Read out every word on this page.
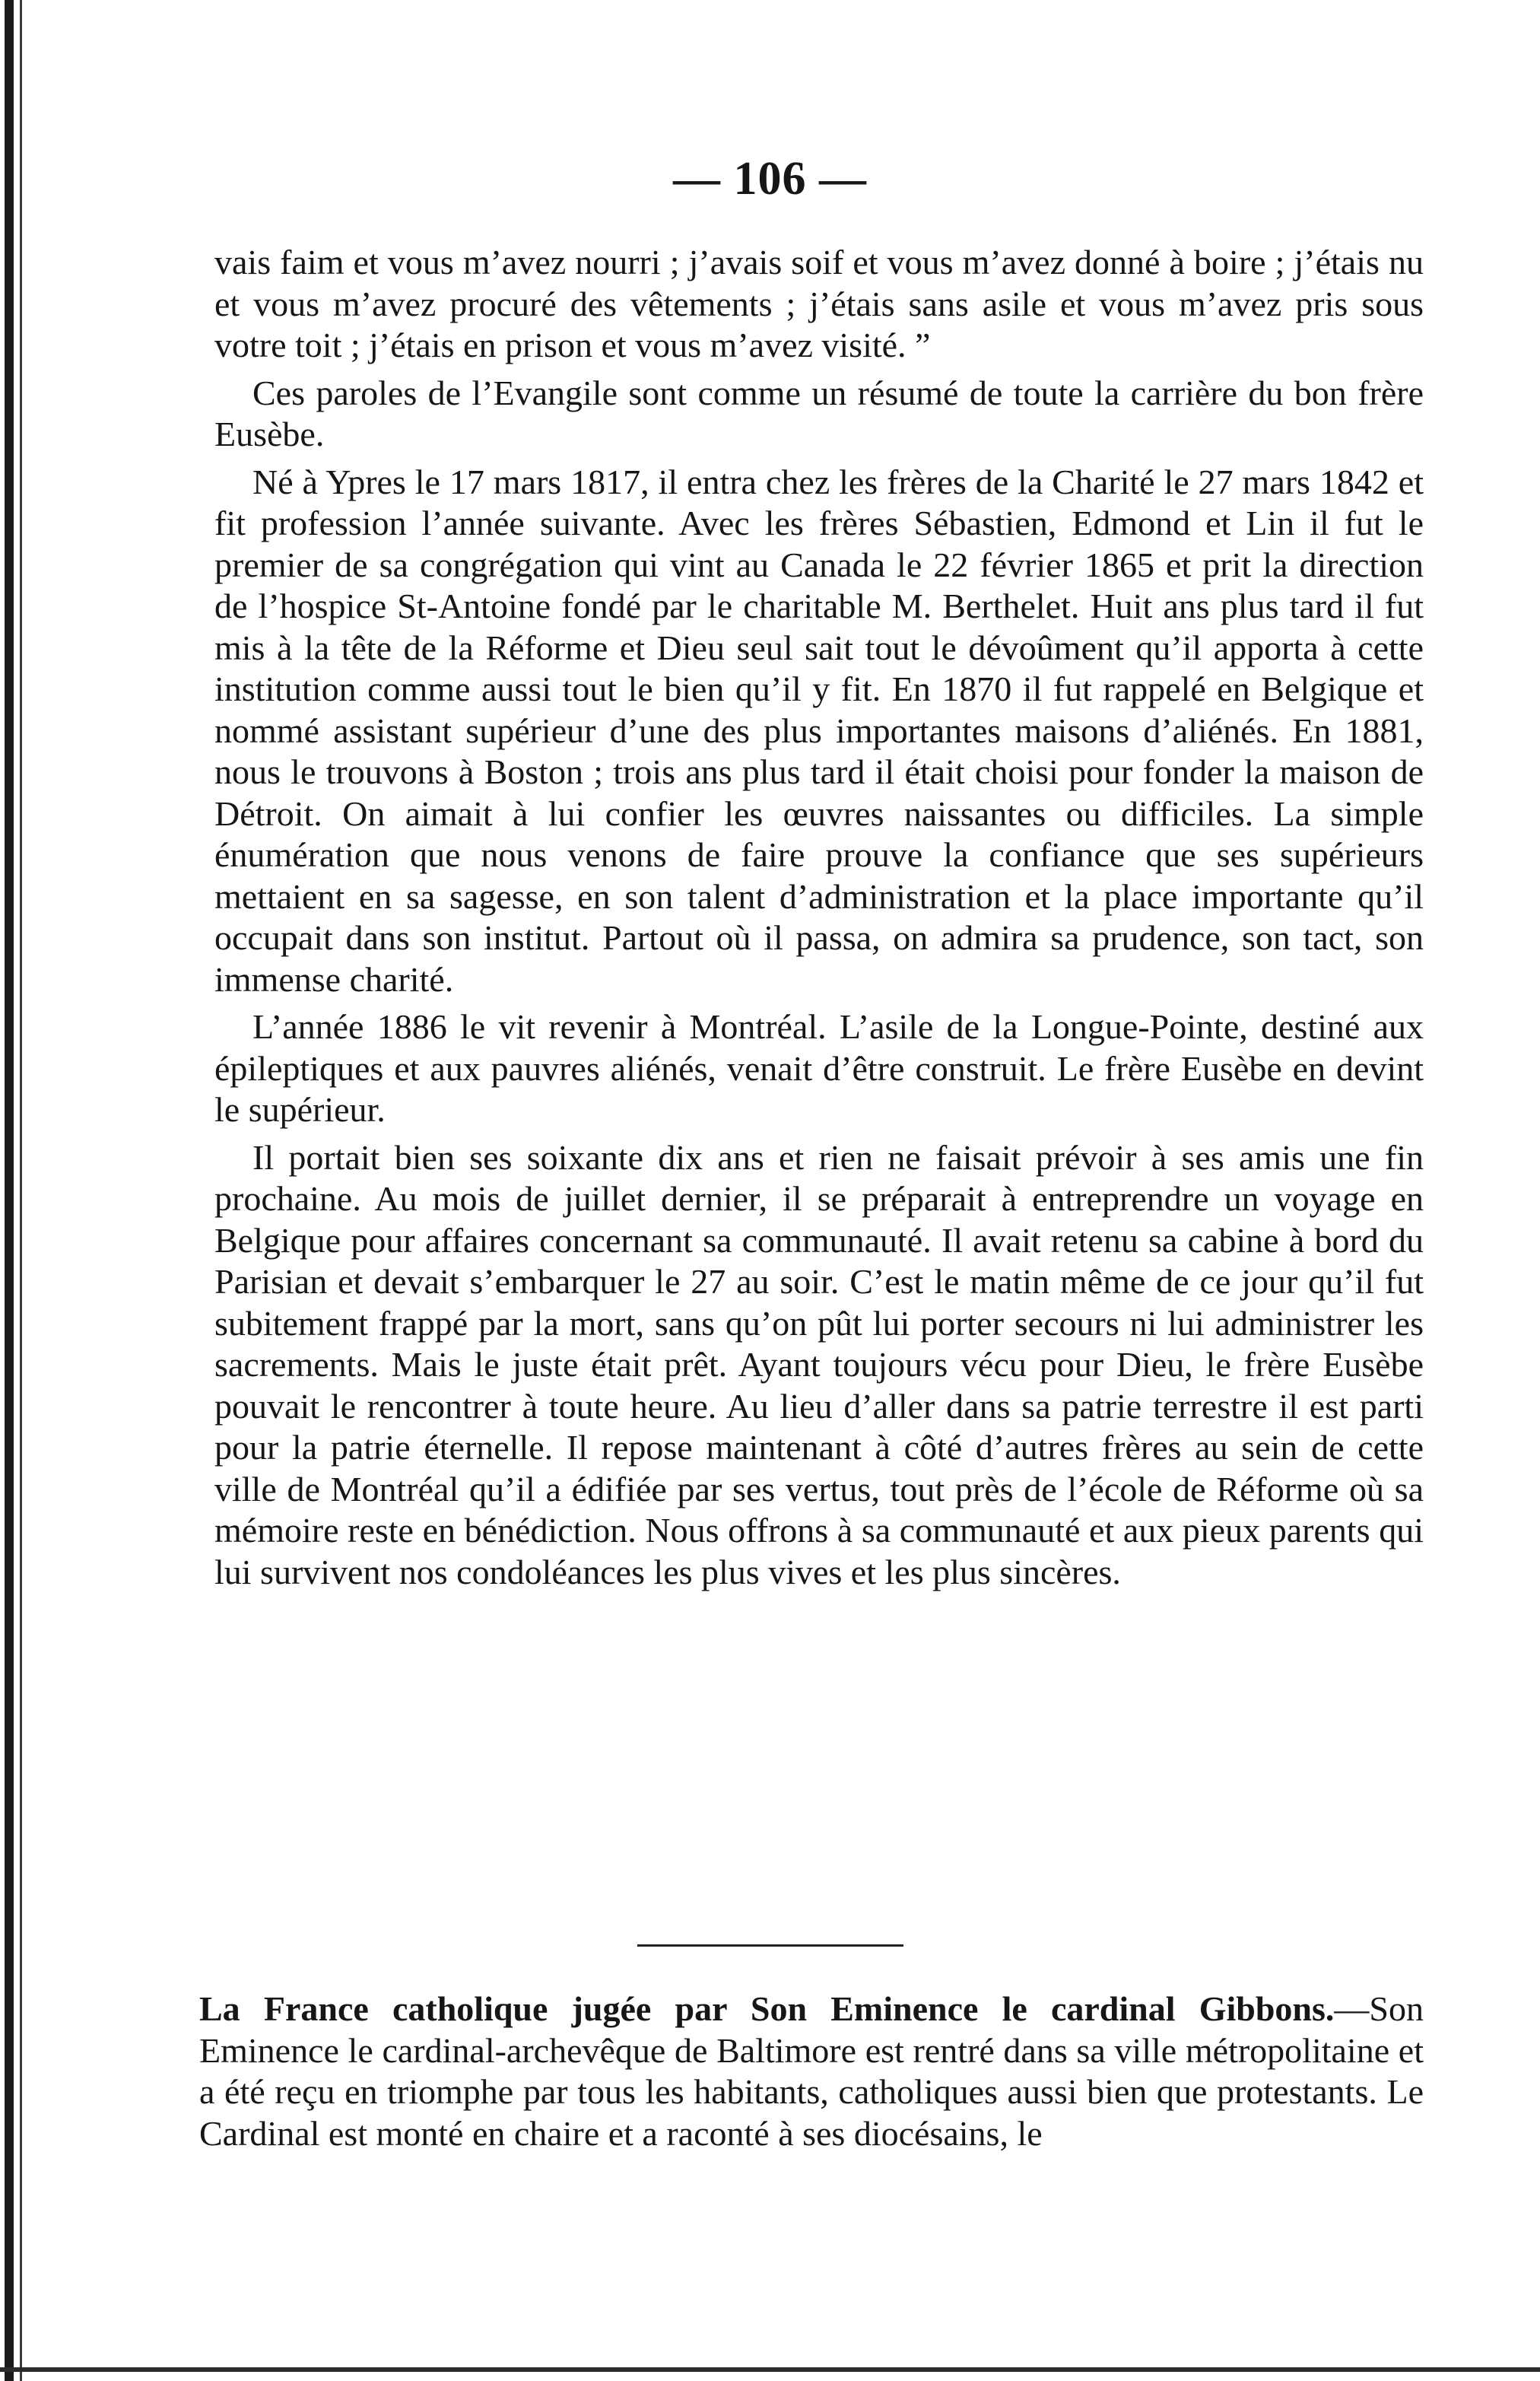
— 106 —

vais faim et vous m’avez nourri ; j’avais soif et vous m’avez donné à boire ; j’étais nu et vous m’avez procuré des vêtements ; j’étais sans asile et vous m’avez pris sous votre toit ; j’étais en prison et vous m’avez visité. ”

Ces paroles de l’Evangile sont comme un résumé de toute la carrière du bon frère Eusèbe.

Né à Ypres le 17 mars 1817, il entra chez les frères de la Charité le 27 mars 1842 et fit profession l’année suivante. Avec les frères Sébastien, Edmond et Lin il fut le premier de sa congrégation qui vint au Canada le 22 février 1865 et prit la direction de l’hospice St-Antoine fondé par le charitable M. Berthelet. Huit ans plus tard il fut mis à la tête de la Réforme et Dieu seul sait tout le dévoûment qu’il apporta à cette institution comme aussi tout le bien qu’il y fit. En 1870 il fut rappelé en Belgique et nommé assistant supérieur d’une des plus importantes maisons d’aliénés. En 1881, nous le trouvons à Boston ; trois ans plus tard il était choisi pour fonder la maison de Détroit. On aimait à lui confier les œuvres naissantes ou difficiles. La simple énumération que nous venons de faire prouve la confiance que ses supérieurs mettaient en sa sagesse, en son talent d’administration et la place importante qu’il occupait dans son institut. Partout où il passa, on admira sa prudence, son tact, son immense charité.

L’année 1886 le vit revenir à Montréal. L’asile de la Longue-Pointe, destiné aux épileptiques et aux pauvres aliénés, venait d’être construit. Le frère Eusèbe en devint le supérieur.

Il portait bien ses soixante dix ans et rien ne faisait prévoir à ses amis une fin prochaine. Au mois de juillet dernier, il se préparait à entreprendre un voyage en Belgique pour affaires concernant sa communauté. Il avait retenu sa cabine à bord du Parisian et devait s’embarquer le 27 au soir. C’est le matin même de ce jour qu’il fut subitement frappé par la mort, sans qu’on pût lui porter secours ni lui administrer les sacrements. Mais le juste était prêt. Ayant toujours vécu pour Dieu, le frère Eusèbe pouvait le rencontrer à toute heure. Au lieu d’aller dans sa patrie terrestre il est parti pour la patrie éternelle. Il repose maintenant à côté d’autres frères au sein de cette ville de Montréal qu’il a édifiée par ses vertus, tout près de l’école de Réforme où sa mémoire reste en bénédiction. Nous offrons à sa communauté et aux pieux parents qui lui survivent nos condoléances les plus vives et les plus sincères.

La France catholique jugée par Son Eminence le cardinal Gibbons.—Son Eminence le cardinal-archevêque de Baltimore est rentré dans sa ville métropolitaine et a été reçu en triomphe par tous les habitants, catholiques aussi bien que protestants. Le Cardinal est monté en chaire et a raconté à ses diocésains, le
